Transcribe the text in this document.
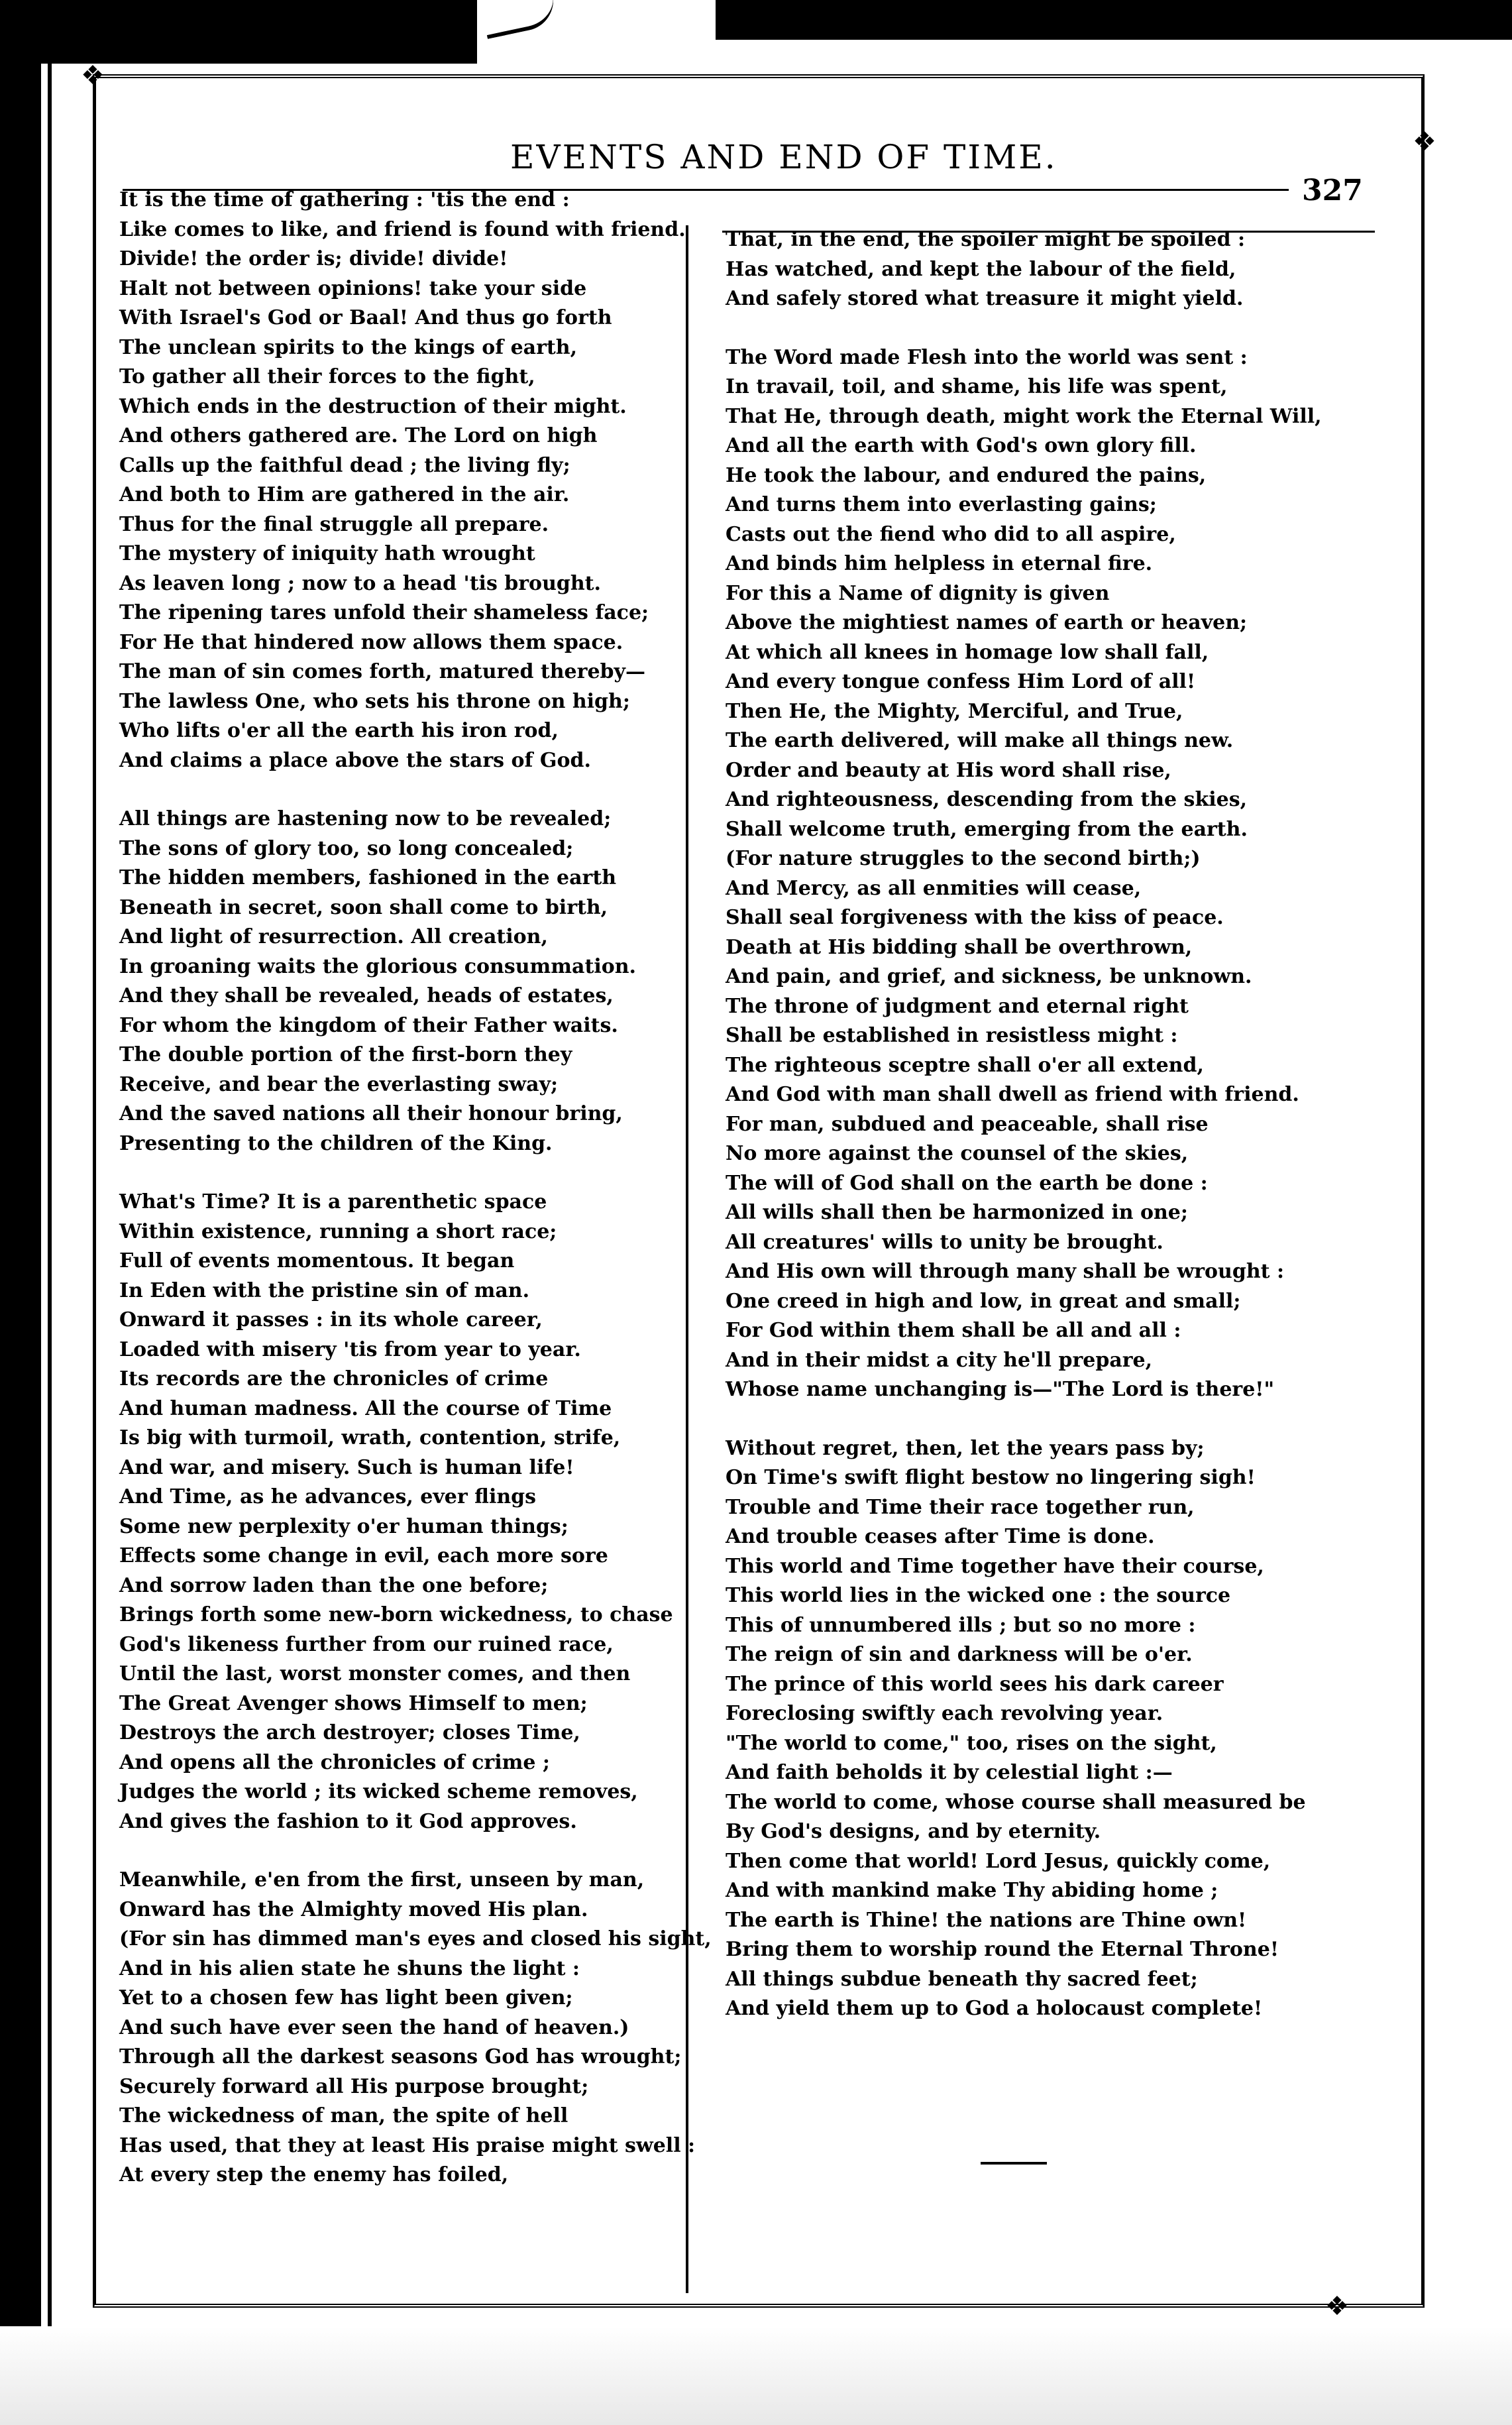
❖
❖
❖
EVENTS AND END OF TIME.
327
It is the time of gathering : 'tis the end :
Like comes to like, and friend is found with friend.
Divide! the order is; divide! divide!
Halt not between opinions! take your side
With Israel's God or Baal! And thus go forth
The unclean spirits to the kings of earth,
To gather all their forces to the fight,
Which ends in the destruction of their might.
And others gathered are. The Lord on high
Calls up the faithful dead ; the living fly;
And both to Him are gathered in the air.
Thus for the final struggle all prepare.
The mystery of iniquity hath wrought
As leaven long ; now to a head 'tis brought.
The ripening tares unfold their shameless face;
For He that hindered now allows them space.
The man of sin comes forth, matured thereby—
The lawless One, who sets his throne on high;
Who lifts o'er all the earth his iron rod,
And claims a place above the stars of God.
All things are hastening now to be revealed;
The sons of glory too, so long concealed;
The hidden members, fashioned in the earth
Beneath in secret, soon shall come to birth,
And light of resurrection. All creation,
In groaning waits the glorious consummation.
And they shall be revealed, heads of estates,
For whom the kingdom of their Father waits.
The double portion of the first-born they
Receive, and bear the everlasting sway;
And the saved nations all their honour bring,
Presenting to the children of the King.
What's Time? It is a parenthetic space
Within existence, running a short race;
Full of events momentous. It began
In Eden with the pristine sin of man.
Onward it passes : in its whole career,
Loaded with misery 'tis from year to year.
Its records are the chronicles of crime
And human madness. All the course of Time
Is big with turmoil, wrath, contention, strife,
And war, and misery. Such is human life!
And Time, as he advances, ever flings
Some new perplexity o'er human things;
Effects some change in evil, each more sore
And sorrow laden than the one before;
Brings forth some new-born wickedness, to chase
God's likeness further from our ruined race,
Until the last, worst monster comes, and then
The Great Avenger shows Himself to men;
Destroys the arch destroyer; closes Time,
And opens all the chronicles of crime ;
Judges the world ; its wicked scheme removes,
And gives the fashion to it God approves.
Meanwhile, e'en from the first, unseen by man,
Onward has the Almighty moved His plan.
(For sin has dimmed man's eyes and closed his sight,
And in his alien state he shuns the light :
Yet to a chosen few has light been given;
And such have ever seen the hand of heaven.)
Through all the darkest seasons God has wrought;
Securely forward all His purpose brought;
The wickedness of man, the spite of hell
Has used, that they at least His praise might swell :
At every step the enemy has foiled,
That, in the end, the spoiler might be spoiled :
Has watched, and kept the labour of the field,
And safely stored what treasure it might yield.
The Word made Flesh into the world was sent :
In travail, toil, and shame, his life was spent,
That He, through death, might work the Eternal Will,
And all the earth with God's own glory fill.
He took the labour, and endured the pains,
And turns them into everlasting gains;
Casts out the fiend who did to all aspire,
And binds him helpless in eternal fire.
For this a Name of dignity is given
Above the mightiest names of earth or heaven;
At which all knees in homage low shall fall,
And every tongue confess Him Lord of all!
Then He, the Mighty, Merciful, and True,
The earth delivered, will make all things new.
Order and beauty at His word shall rise,
And righteousness, descending from the skies,
Shall welcome truth, emerging from the earth.
(For nature struggles to the second birth;)
And Mercy, as all enmities will cease,
Shall seal forgiveness with the kiss of peace.
Death at His bidding shall be overthrown,
And pain, and grief, and sickness, be unknown.
The throne of judgment and eternal right
Shall be established in resistless might :
The righteous sceptre shall o'er all extend,
And God with man shall dwell as friend with friend.
For man, subdued and peaceable, shall rise
No more against the counsel of the skies,
The will of God shall on the earth be done :
All wills shall then be harmonized in one;
All creatures' wills to unity be brought.
And His own will through many shall be wrought :
One creed in high and low, in great and small;
For God within them shall be all and all :
And in their midst a city he'll prepare,
Whose name unchanging is—"The Lord is there!"
Without regret, then, let the years pass by;
On Time's swift flight bestow no lingering sigh!
Trouble and Time their race together run,
And trouble ceases after Time is done.
This world and Time together have their course,
This world lies in the wicked one : the source
This of unnumbered ills ; but so no more :
The reign of sin and darkness will be o'er.
The prince of this world sees his dark career
Foreclosing swiftly each revolving year.
"The world to come," too, rises on the sight,
And faith beholds it by celestial light :—
The world to come, whose course shall measured be
By God's designs, and by eternity.
Then come that world! Lord Jesus, quickly come,
And with mankind make Thy abiding home ;
The earth is Thine! the nations are Thine own!
Bring them to worship round the Eternal Throne!
All things subdue beneath thy sacred feet;
And yield them up to God a holocaust complete!
